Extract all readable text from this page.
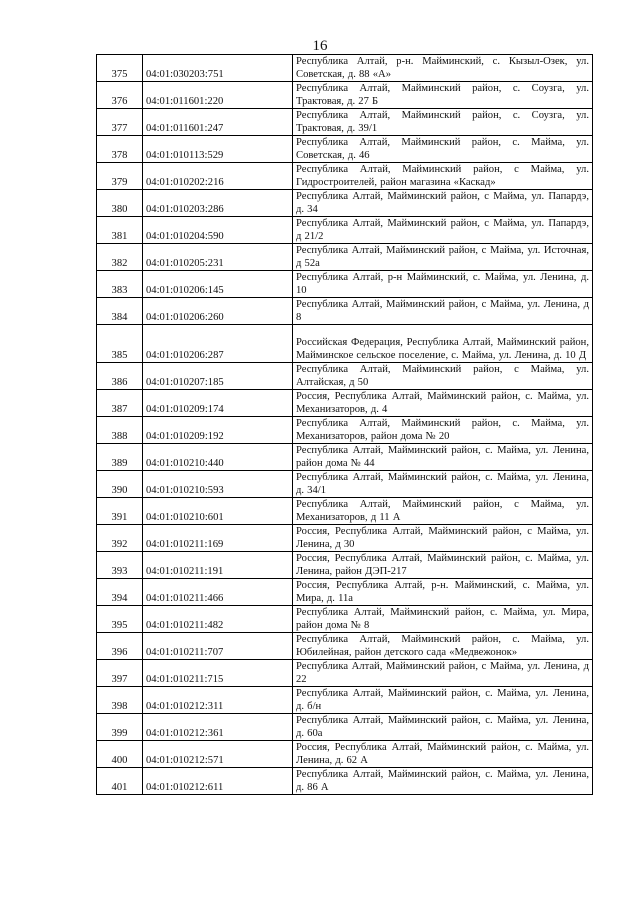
16
375	04:01:030203:751	Республика Алтай, р-н. Майминский, с. Кызыл-Озек, ул. Советская, д. 88 «А»
376	04:01:011601:220	Республика Алтай, Майминский район, с. Соузга, ул. Трактовая, д. 27 Б
377	04:01:011601:247	Республика Алтай, Майминский район, с. Соузга, ул. Трактовая, д. 39/1
378	04:01:010113:529	Республика Алтай, Майминский район, с. Майма, ул. Советская, д. 46
379	04:01:010202:216	Республика Алтай, Майминский район, с Майма, ул. Гидростроителей, район магазина «Каскад»
380	04:01:010203:286	Республика Алтай, Майминский район, с Майма, ул. Папардэ, д. 34
381	04:01:010204:590	Республика Алтай, Майминский район, с Майма, ул. Папардэ, д 21/2
382	04:01:010205:231	Республика Алтай, Майминский район, с Майма, ул. Источная, д 52а
383	04:01:010206:145	Республика Алтай, р-н Майминский, с. Майма, ул. Ленина, д. 10
384	04:01:010206:260	Республика Алтай, Майминский район, с Майма, ул. Ленина, д 8
385	04:01:010206:287	Российская Федерация, Республика Алтай, Майминский район, Майминское сельское поселение, с. Майма, ул. Ленина, д. 10 Д
386	04:01:010207:185	Республика Алтай, Майминский район, с Майма, ул. Алтайская, д 50
387	04:01:010209:174	Россия, Республика Алтай, Майминский район, с. Майма, ул. Механизаторов, д. 4
388	04:01:010209:192	Республика Алтай, Майминский район, с. Майма, ул. Механизаторов, район дома № 20
389	04:01:010210:440	Республика Алтай, Майминский район, с. Майма, ул. Ленина, район дома № 44
390	04:01:010210:593	Республика Алтай, Майминский район, с. Майма, ул. Ленина, д. 34/1
391	04:01:010210:601	Республика Алтай, Майминский район, с Майма, ул. Механизаторов, д 11 А
392	04:01:010211:169	Россия, Республика Алтай, Майминский район, с Майма, ул. Ленина, д 30
393	04:01:010211:191	Россия, Республика Алтай, Майминский район, с. Майма, ул. Ленина, район ДЭП-217
394	04:01:010211:466	Россия, Республика Алтай, р-н. Майминский, с. Майма, ул. Мира, д. 11а
395	04:01:010211:482	Республика Алтай, Майминский район, с. Майма, ул. Мира, район дома № 8
396	04:01:010211:707	Республика Алтай, Майминский район, с. Майма, ул. Юбилейная, район детского сада «Медвежонок»
397	04:01:010211:715	Республика Алтай, Майминский район, с Майма, ул. Ленина, д 22
398	04:01:010212:311	Республика Алтай, Майминский район, с. Майма, ул. Ленина, д. б/н
399	04:01:010212:361	Республика Алтай, Майминский район, с. Майма, ул. Ленина, д. 60а
400	04:01:010212:571	Россия, Республика Алтай, Майминский район, с. Майма, ул. Ленина, д. 62 А
401	04:01:010212:611	Республика Алтай, Майминский район, с. Майма, ул. Ленина, д. 86 А
